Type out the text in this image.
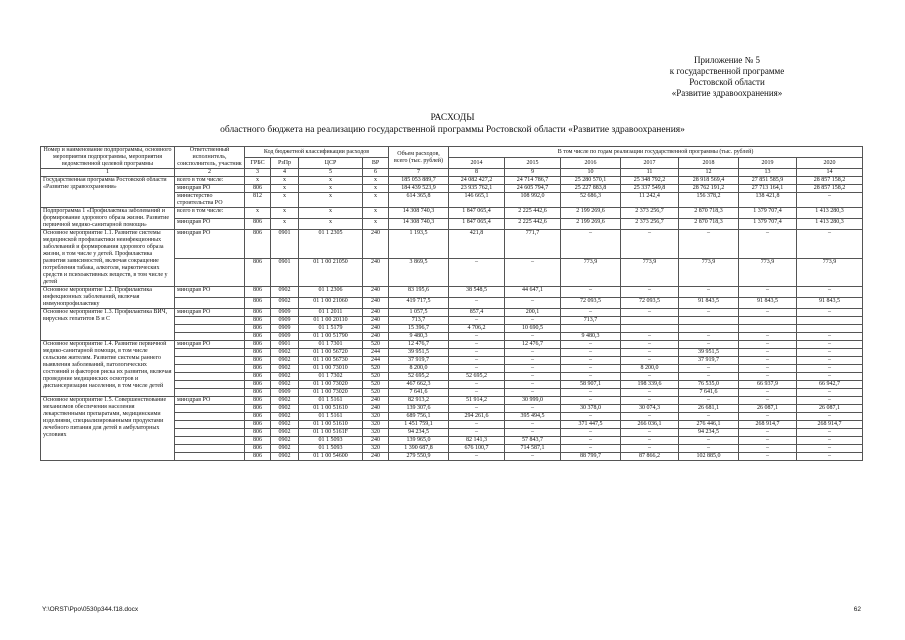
Приложение № 5
к государственной программе
Ростовской области
«Развитие здравоохранения»
РАСХОДЫ
областного бюджета на реализацию государственной программы Ростовской области «Развитие здравоохранения»
Номер и наименование подпрограммы, основного мероприятия подпрограммы, мероприятия ведомственной целевой программы	Ответственный исполнитель, соисполнитель, участник	Код бюджетной классификации расходов				Объем расходов, всего (тыс. рублей)	В том числе по годам реализации государственной программы (тыс. рублей)						
		ГРБС	РзПр	ЦСР	ВР		2014	2015	2016	2017	2018	2019	2020
1	2	3	4	5	6	7	8	9	10	11	12	13	14
Государственная программа Ростовской области «Развитие здравоохранения»	всего в том числе:	х	х	х	х	185 053 889,7	24 082 427,2	24 714 786,7	25 280 570,1	25 348 792,2	28 918 569,4	27 851 585,9	28 857 158,2
	минздрав РО	806	х	х	х	184 439 523,9	23 935 762,1	24 605 794,7	25 227 883,8	25 337 549,8	28 762 191,2	27 713 164,1	28 857 158,2
	министерство строительства РО	812	х	х	х	614 365,8	146 665,1	108 992,0	52 686,3	11 242,4	156 378,2	138 421,8	–
Подпрограмма 1 «Профилактика заболеваний и формирование здорового образа жизни. Развитие первичной медико-санитарной помощи»	всего в том числе:	х	х	х	х	14 308 740,3	1 847 065,4	2 225 442,6	2 199 269,6	2 373 256,7	2 870 718,3	1 379 707,4	1 413 280,3
	минздрав РО	806	х	х	х	14 308 740,3	1 847 065,4	2 225 442,6	2 199 269,6	2 373 256,7	2 870 718,3	1 379 707,4	1 413 280,3
Основное мероприятие 1.1. Развитие системы медицинской профилактики неинфекционных заболеваний и формирования здорового образа жизни, в том числе у детей. Профилактика развития зависимостей, включая сокращение потребления табака, алкоголя, наркотических средств и психоактивных веществ, в том числе у детей	минздрав РО	806	0901	01 1 2305	240	1 193,5	421,8	771,7	–	–	–	–	–
		806	0901	01 1 00 21050	240	3 869,5	–	–	773,9	773,9	773,9	773,9	773,9
Основное мероприятие 1.2. Профилактика инфекционных заболеваний, включая иммунопрофилактику	минздрав РО	806	0902	01 1 2306	240	83 195,6	38 548,5	44 647,1	–	–	–	–	–
		806	0902	01 1 00 21060	240	419 717,5	–	–	72 093,5	72 093,5	91 843,5	91 843,5	91 843,5
Основное мероприятие 1.3. Профилактика ВИЧ, вирусных гепатитов В и С	минздрав РО	806	0909	01 1 2011	240	1 057,5	857,4	200,1	–	–	–	–	–
		806	0909	01 1 00 20110	240	713,7	–	–	713,7				
		806	0909	01 1 5179	240	15 396,7	4 706,2	10 690,5					
		806	0909	01 1 00 51790	240	9 480,3	–	–	9 480,3	–	–	–	–
Основное мероприятие 1.4. Развитие первичной медико-санитарной помощи, в том числе сельским жителям. Развитие системы раннего выявления заболеваний, патологических состояний и факторов риска их развития, включая проведение медицинских осмотров и диспансеризации населения, в том числе детей	минздрав РО	806	0901	01 1 7301	520	12 476,7	–	12 476,7	–	–	–	–	–
		806	0902	01 1 00 56720	244	39 951,5	–	–	–	–	39 951,5	–	–
		806	0902	01 1 00 56730	244	37 919,7	–	–	–	–	37 919,7	–	–
		806	0902	01 1 00 73010	520	8 200,0	–	–	–	8 200,0	–	–	–
		806	0902	01 1 7302	520	52 695,2	52 695,2	–	–	–	–	–	–
		806	0902	01 1 00 73020	520	467 662,3	–	–	58 907,1	198 339,6	76 535,0	66 937,9	66 942,7
		806	0909	01 1 00 73020	520	7 641,6	–	–	–	–	7 641,6	–	–
Основное мероприятие 1.5. Совершенствование механизмов обеспечения населения лекарственными препаратами, медицинскими изделиями, специализированными продуктами лечебного питания для детей в амбулаторных условиях	минздрав РО	806	0902	01 1 5161	240	82 913,2	51 914,2	30 999,0	–	–	–	–	–
		806	0902	01 1 00 51610	240	139 307,6	–	–	30 378,0	30 074,3	26 681,1	26 087,1	26 087,1
		806	0902	01 1 5161	320	689 756,1	294 261,6	395 494,5	–	–	–	–	–
		806	0902	01 1 00 51610	320	1 451 759,1	–	–	371 447,5	266 036,1	276 446,1	268 914,7	268 914,7
		806	0902	01 1 00 5161F	320	94 234,5	–	–	–	–	94 234,5	–	–
		806	0902	01 1 5093	240	139 965,0	82 141,3	57 843,7	–	–	–	–	–
		806	0902	01 1 5093	320	1 390 687,8	676 100,7	714 587,1	–	–	–	–	–
		806	0902	01 1 00 54600	240	279 550,9	–	–	88 799,7	87 866,2	102 885,0	–	–
Y:\ORST\Ppo\0530p344.f18.docx	62
